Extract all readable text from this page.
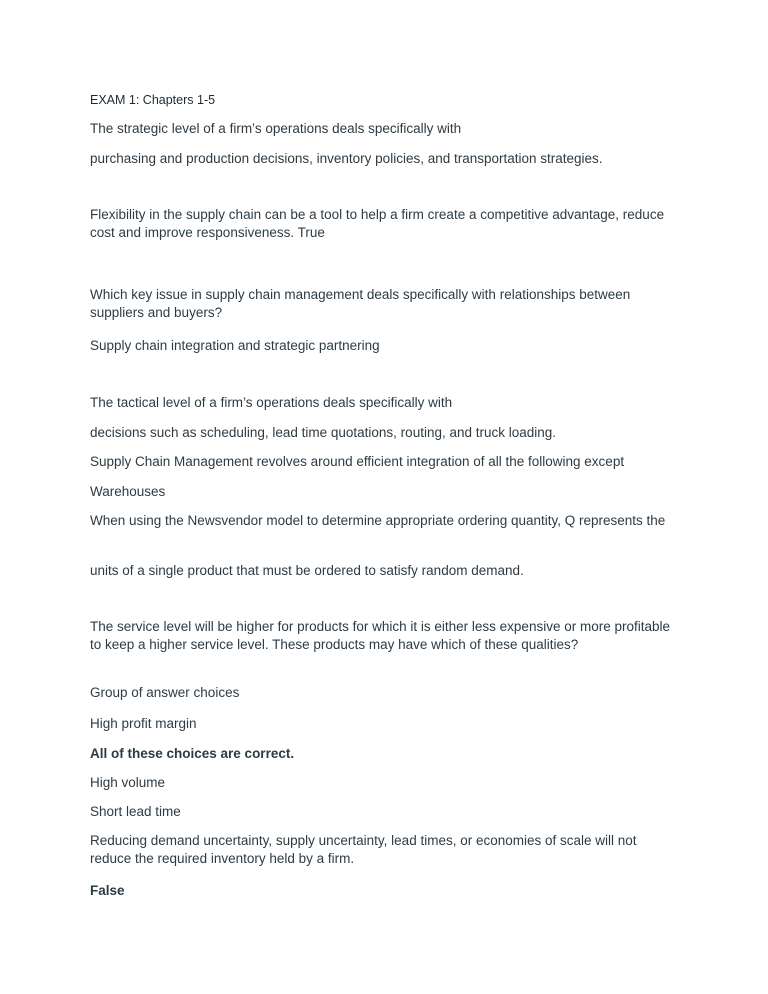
EXAM 1: Chapters 1-5

The strategic level of a firm’s operations deals specifically with

purchasing and production decisions, inventory policies, and transportation strategies.

Flexibility in the supply chain can be a tool to help a firm create a competitive advantage, reduce cost and improve responsiveness. True

Which key issue in supply chain management deals specifically with relationships between suppliers and buyers?

Supply chain integration and strategic partnering

The tactical level of a firm’s operations deals specifically with

decisions such as scheduling, lead time quotations, routing, and truck loading.

Supply Chain Management revolves around efficient integration of all the following except

Warehouses

When using the Newsvendor model to determine appropriate ordering quantity, Q represents the

units of a single product that must be ordered to satisfy random demand.

The service level will be higher for products for which it is either less expensive or more profitable to keep a higher service level. These products may have which of these qualities?

Group of answer choices

High profit margin

All of these choices are correct.

High volume

Short lead time

Reducing demand uncertainty, supply uncertainty, lead times, or economies of scale will not reduce the required inventory held by a firm.

False
